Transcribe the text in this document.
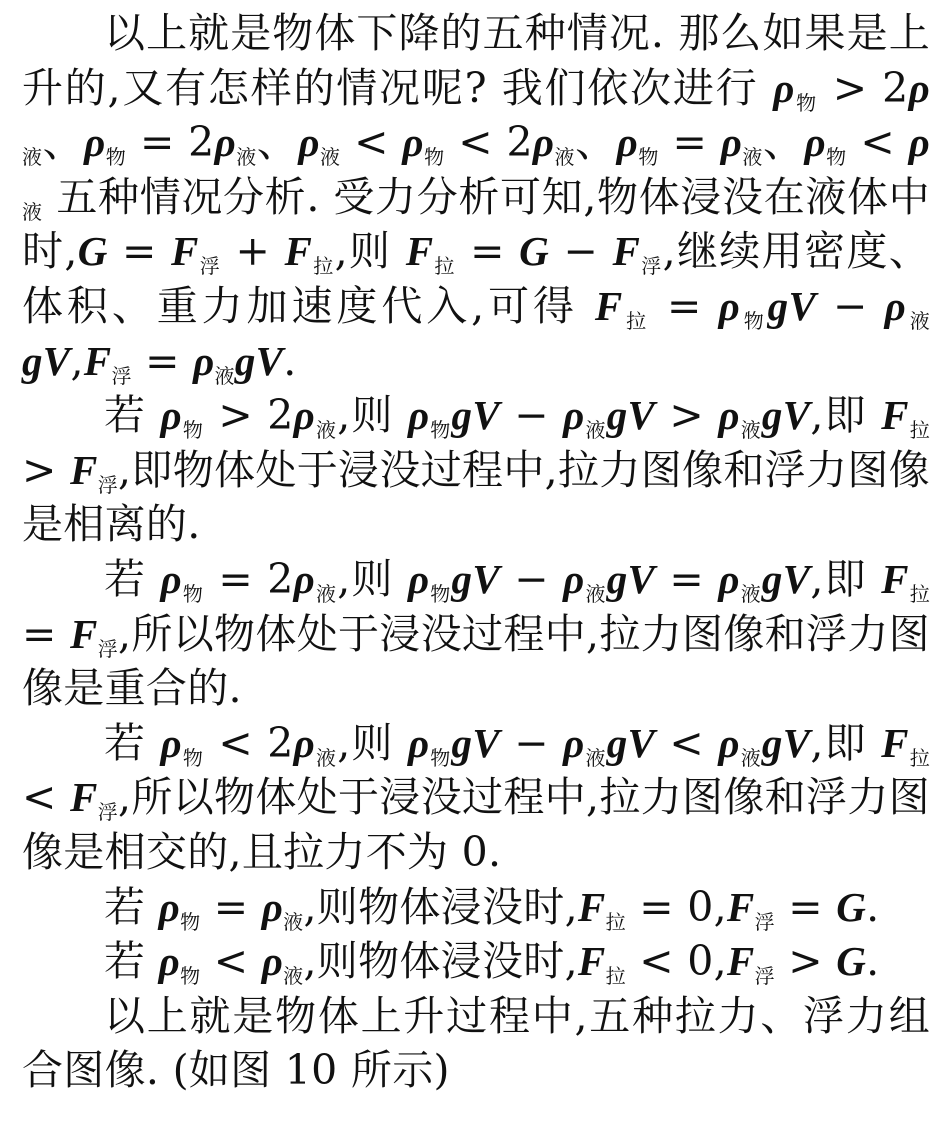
以上就是物体下降的五种情况. 那么如果是上升的,又有怎样的情况呢? 我们依次进行 $\rho_物 > 2\rho_液$、$\rho_物 = 2\rho_液$、$\rho_液 < \rho_物 < 2\rho_液$、$\rho_物 = \rho_液$、$\rho_物 < \rho_液$ 五种情况分析. 受力分析可知,物体浸没在液体中时$,G = F_浮 + F_拉$,则 $F_拉 = G - F_浮$,继续用密度、体积、重力加速度代入,可得 $F_拉 = \rho_物gV - \rho_液gV,F_浮 = \rho_液gV$.

若 $\rho_物 > 2\rho_液$,则 $\rho_物gV - \rho_液gV > \rho_液gV$,即 $F_拉 > F_浮$,即物体处于浸没过程中,拉力图像和浮力图像是相离的.

若 $\rho_物 = 2\rho_液$,则 $\rho_物gV - \rho_液gV = \rho_液gV$,即 $F_拉 = F_浮$,所以物体处于浸没过程中,拉力图像和浮力图像是重合的.

若 $\rho_物 < 2\rho_液$,则 $\rho_物gV - \rho_液gV < \rho_液gV$,即 $F_拉 < F_浮$,所以物体处于浸没过程中,拉力图像和浮力图像是相交的,且拉力不为 0.

若 $\rho_物 = \rho_液$,则物体浸没时$,F_拉 = 0,F_浮 = G$.

若 $\rho_物 < \rho_液$,则物体浸没时$,F_拉 < 0,F_浮 > G$.

以上就是物体上升过程中,五种拉力、浮力组合图像. (如图 10 所示)
